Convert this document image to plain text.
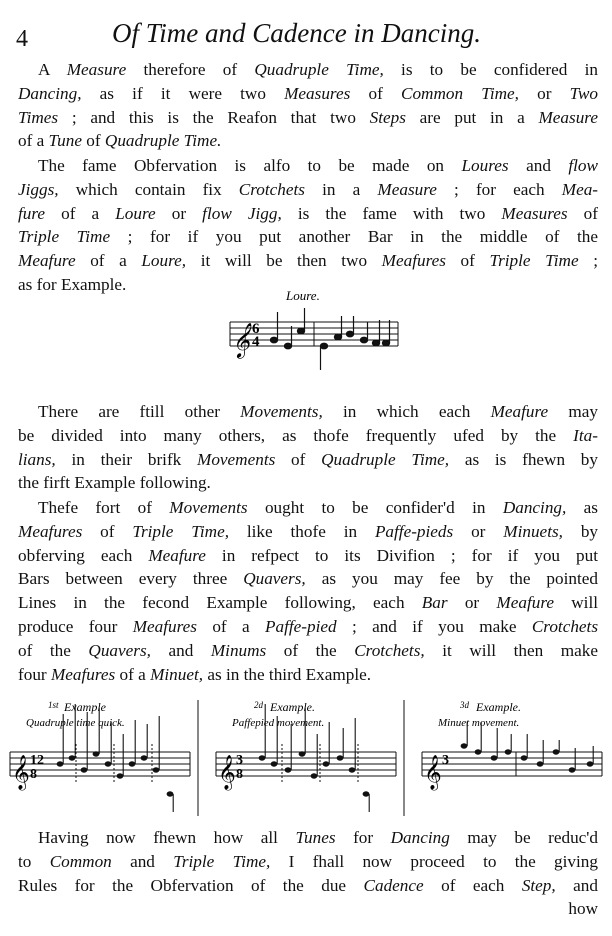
4	Of Time and Cadence in Dancing.
A Measure therefore of Quadruple Time, is to be confidered in
Dancing, as if it were two Measures of Common Time, or Two
Times ; and this is the Reafon that two Steps are put in a Measure
of a Tune of Quadruple Time.
The fame Obfervation is alfo to be made on Loures and flow
Jiggs, which contain fix Crotchets in a Measure ; for each Mea-
fure of a Loure or flow Jigg, is the fame with two Measures of
Triple Time ; for if you put another Bar in the middle of the
Meafure of a Loure, it will be then two Meafures of Triple Time ;
as for Example.
Loure.
𝄞 6
4
There are ftill other Movements, in which each Meafure may
be divided into many others, as thofe frequently ufed by the Ita-
lians, in their brifk Movements of Quadruple Time, as is fhewn by
the firft Example following.
Thefe fort of Movements ought to be confider'd in Dancing, as
Meafures of Triple Time, like thofe in Paffe-pieds or Minuets, by
obferving each Meafure in refpect to its Divifion ; for if you put
Bars between every three Quavers, as you may fee by the pointed
Lines in the fecond Example following, each Bar or Meafure will
produce four Meafures of a Paffe-pied ; and if you make Crotchets
of the Quavers, and Minums of the Crotchets, it will then make
four Meafures of a Minuet, as in the third Example.
1st Example
Quadruple time quick.
𝄞 12
8
2d Example.
Paffepied movement.
𝄞 3
8
3d Example.
Minuet movement.
𝄞 3
Having now fhewn how all Tunes for Dancing may be reduc'd
to Common and Triple Time, I fhall now proceed to the giving
Rules for the Obfervation of the due Cadence of each Step, and
how
